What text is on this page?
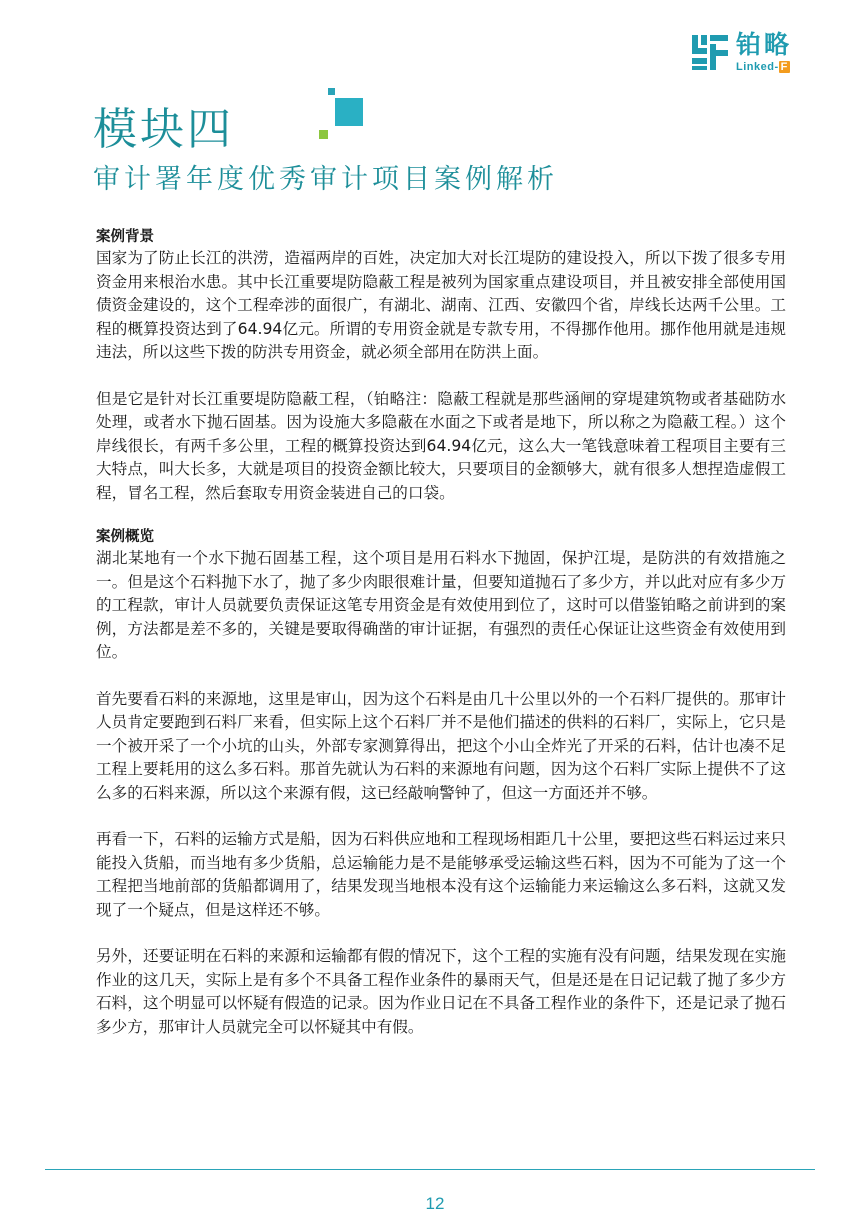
铂略
Linked- F
模块四
审计署年度优秀审计项目案例解析
案例背景

国家为了防止长江的洪涝，造福两岸的百姓，决定加大对长江堤防的建设投入，所以下拨了很多专用资金用来根治水患。其中长江重要堤防隐蔽工程是被列为国家重点建设项目，并且被安排全部使用国债资金建设的，这个工程牵涉的面很广，有湖北、湖南、江西、安徽四个省，岸线长达两千公里。工程的概算投资达到了64.94亿元。所谓的专用资金就是专款专用，不得挪作他用。挪作他用就是违规违法，所以这些下拨的防洪专用资金，就必须全部用在防洪上面。

但是它是针对长江重要堤防隐蔽工程，（铂略注：隐蔽工程就是那些涵闸的穿堤建筑物或者基础防水处理，或者水下抛石固基。因为设施大多隐蔽在水面之下或者是地下，所以称之为隐蔽工程。）这个岸线很长，有两千多公里，工程的概算投资达到64.94亿元，这么大一笔钱意味着工程项目主要有三大特点，叫大长多，大就是项目的投资金额比较大，只要项目的金额够大，就有很多人想捏造虚假工程，冒名工程，然后套取专用资金装进自己的口袋。

案例概览

湖北某地有一个水下抛石固基工程，这个项目是用石料水下抛固，保护江堤，是防洪的有效措施之一。但是这个石料抛下水了，抛了多少肉眼很难计量，但要知道抛石了多少方，并以此对应有多少万的工程款，审计人员就要负责保证这笔专用资金是有效使用到位了，这时可以借鉴铂略之前讲到的案例，方法都是差不多的，关键是要取得确凿的审计证据，有强烈的责任心保证让这些资金有效使用到位。

首先要看石料的来源地，这里是审山，因为这个石料是由几十公里以外的一个石料厂提供的。那审计人员肯定要跑到石料厂来看，但实际上这个石料厂并不是他们描述的供料的石料厂，实际上，它只是一个被开采了一个小坑的山头，外部专家测算得出，把这个小山全炸光了开采的石料，估计也凑不足工程上要耗用的这么多石料。那首先就认为石料的来源地有问题，因为这个石料厂实际上提供不了这么多的石料来源，所以这个来源有假，这已经敲响警钟了，但这一方面还并不够。

再看一下，石料的运输方式是船，因为石料供应地和工程现场相距几十公里，要把这些石料运过来只能投入货船，而当地有多少货船，总运输能力是不是能够承受运输这些石料，因为不可能为了这一个工程把当地前部的货船都调用了，结果发现当地根本没有这个运输能力来运输这么多石料，这就又发现了一个疑点，但是这样还不够。

另外，还要证明在石料的来源和运输都有假的情况下，这个工程的实施有没有问题，结果发现在实施作业的这几天，实际上是有多个不具备工程作业条件的暴雨天气，但是还是在日记记载了抛了多少方石料，这个明显可以怀疑有假造的记录。因为作业日记在不具备工程作业的条件下，还是记录了抛石多少方，那审计人员就完全可以怀疑其中有假。

12
